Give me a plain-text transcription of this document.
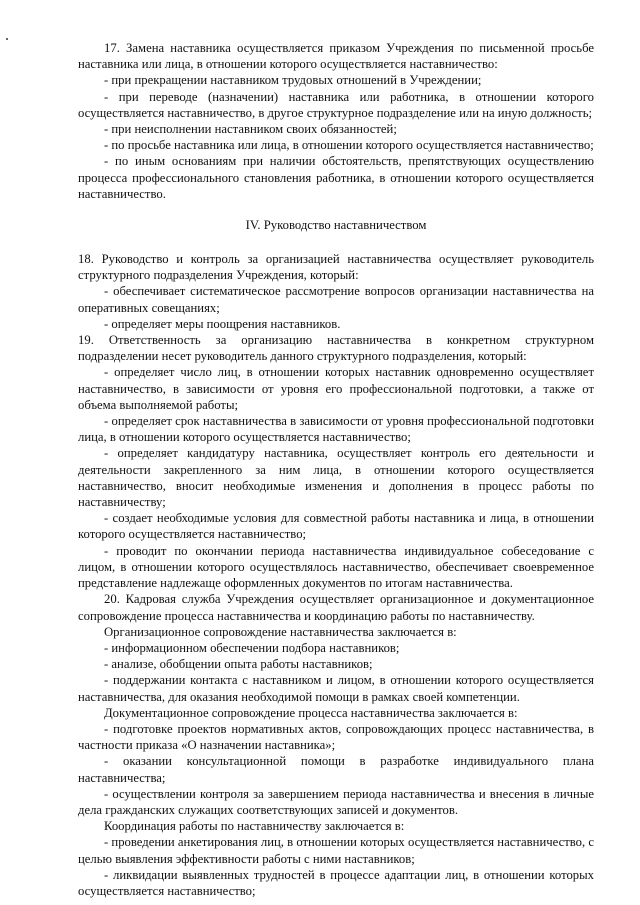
17. Замена наставника осуществляется приказом Учреждения по письменной просьбе наставника или лица, в отношении которого осуществляется наставничество:

- при прекращении наставником трудовых отношений в Учреждении;

- при переводе (назначении) наставника или работника, в отношении которого осуществляется наставничество, в другое структурное подразделение или на иную должность;

- при неисполнении наставником своих обязанностей;

- по просьбе наставника или лица, в отношении которого осуществляется наставничество;

- по иным основаниям при наличии обстоятельств, препятствующих осуществлению процесса профессионального становления работника, в отношении которого осуществляется наставничество.

IV. Руководство наставничеством

18. Руководство и контроль за организацией наставничества осуществляет руководитель структурного подразделения Учреждения, который:

- обеспечивает систематическое рассмотрение вопросов организации наставничества на оперативных совещаниях;

- определяет меры поощрения наставников.

19. Ответственность за организацию наставничества в конкретном структурном подразделении несет руководитель данного структурного подразделения, который:

- определяет число лиц, в отношении которых наставник одновременно осуществляет наставничество, в зависимости от уровня его профессиональной подготовки, а также от объема выполняемой работы;

- определяет срок наставничества в зависимости от уровня профессиональной подготовки лица, в отношении которого осуществляется наставничество;

- определяет кандидатуру наставника, осуществляет контроль его деятельности и деятельности закрепленного за ним лица, в отношении которого осуществляется наставничество, вносит необходимые изменения и дополнения в процесс работы по наставничеству;

- создает необходимые условия для совместной работы наставника и лица, в отношении которого осуществляется наставничество;

- проводит по окончании периода наставничества индивидуальное собеседование с лицом, в отношении которого осуществлялось наставничество, обеспечивает своевременное представление надлежаще оформленных документов по итогам наставничества.

20. Кадровая служба Учреждения осуществляет организационное и документационное сопровождение процесса наставничества и координацию работы по наставничеству.

Организационное сопровождение наставничества заключается в:

- информационном обеспечении подбора наставников;

- анализе, обобщении опыта работы наставников;

- поддержании контакта с наставником и лицом, в отношении которого осуществляется наставничества, для оказания необходимой помощи в рамках своей компетенции.

Документационное сопровождение процесса наставничества заключается в:

- подготовке проектов нормативных актов, сопровождающих процесс наставничества, в частности приказа «О назначении наставника»;

- оказании консультационной помощи в разработке индивидуального плана наставничества;

- осуществлении контроля за завершением периода наставничества и внесения в личные дела гражданских служащих соответствующих записей и документов.

Координация работы по наставничеству заключается в:

- проведении анкетирования лиц, в отношении которых осуществляется наставничество, с целью выявления эффективности работы с ними наставников;

- ликвидации выявленных трудностей в процессе адаптации лиц, в отношении которых осуществляется наставничество;
